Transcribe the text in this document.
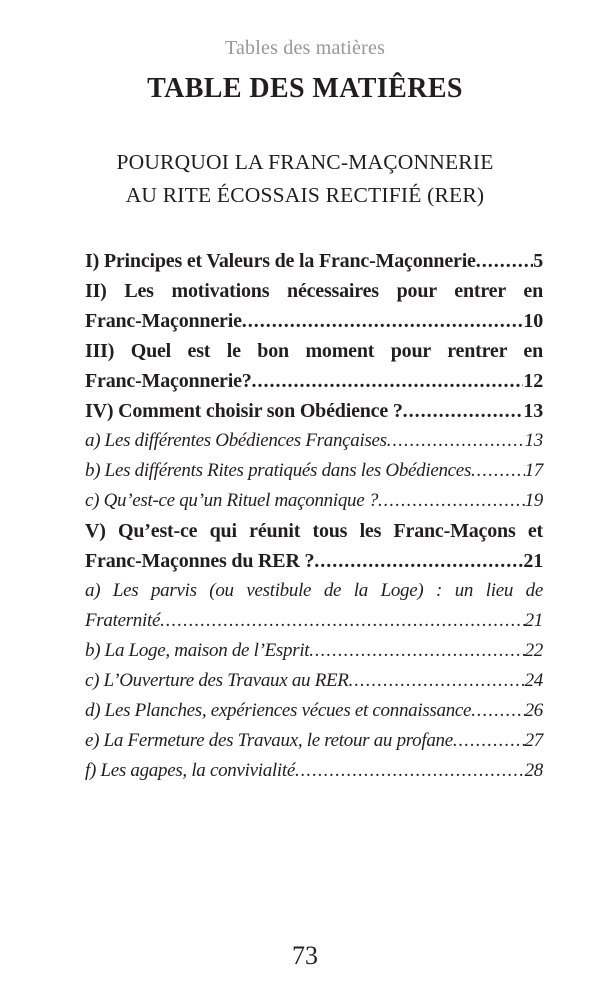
Tables des matières
TABLE DES MATIÊRES
POURQUOI LA FRANC-MAÇONNERIE
AU RITE ÉCOSSAIS RECTIFIÉ (RER)
I) Principes et Valeurs de la Franc-Maçonnerie .....	5
II) Les motivations nécessaires pour entrer en
Franc-Maçonnerie .....	10
III) Quel est le bon moment pour rentrer en
Franc-Maçonnerie? .....	12
IV) Comment choisir son Obédience ? .....	13
a) Les différentes Obédiences Françaises .....	13
b) Les différents Rites pratiqués dans les Obédiences .....	17
c) Qu’est-ce qu’un Rituel maçonnique ? .....	19
V) Qu’est-ce qui réunit tous les Franc-Maçons et
Franc-Maçonnes du RER ? .....	21
a) Les parvis (ou vestibule de la Loge) : un lieu de
Fraternité .....	21
b) La Loge, maison de l’Esprit .....	22
c) L’Ouverture des Travaux au RER .....	24
d) Les Planches, expériences vécues et connaissance .....	26
e) La Fermeture des Travaux, le retour au profane .....	27
f) Les agapes, la convivialité .....	28
73
